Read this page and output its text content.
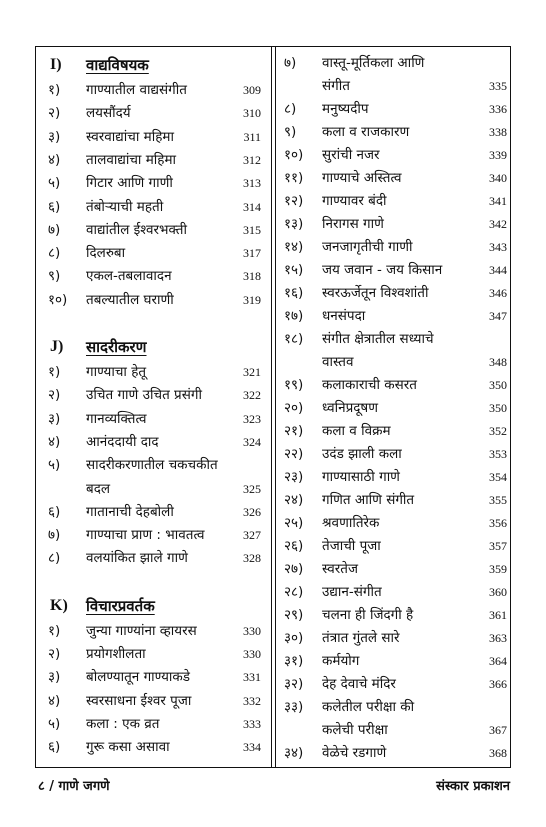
I) वाद्यविषयक
१) गाण्यातील वाद्यसंगीत	309
२) लयसौंदर्य	310
३) स्वरवाद्यांचा महिमा	311
४) तालवाद्यांचा महिमा	312
५) गिटार आणि गाणी	313
६) तंबोऱ्याची महती	314
७) वाद्यांतील ईश्वरभक्ती	315
८) दिलरुबा	317
९) एकल-तबलावादन	318
१०) तबल्यातील घराणी	319
J) सादरीकरण
१) गाण्याचा हेतू	321
२) उचित गाणे उचित प्रसंगी	322
३) गानव्यक्तित्व	323
४) आनंददायी दाद	324
५) सादरीकरणातील चकचकीत
बदल	325
६) गातानाची देहबोली	326
७) गाण्याचा प्राण : भावतत्व	327
८) वलयांकित झाले गाणे	328
K) विचारप्रवर्तक
१) जुन्या गाण्यांना व्हायरस	330
२) प्रयोगशीलता	330
३) बोलण्यातून गाण्याकडे	331
४) स्वरसाधना ईश्वर पूजा	332
५) कला : एक व्रत	333
६) गुरू कसा असावा	334
७) वास्तू-मूर्तिकला आणि
संगीत	335
८) मनुष्यदीप	336
९) कला व राजकारण	338
१०) सुरांची नजर	339
११) गाण्याचे अस्तित्व	340
१२) गाण्यावर बंदी	341
१३) निरागस गाणे	342
१४) जनजागृतीची गाणी	343
१५) जय जवान - जय किसान	344
१६) स्वरऊर्जेतून विश्वशांती	346
१७) धनसंपदा	347
१८) संगीत क्षेत्रातील सध्याचे
वास्तव	348
१९) कलाकाराची कसरत	350
२०) ध्वनिप्रदूषण	350
२१) कला व विक्रम	352
२२) उदंड झाली कला	353
२३) गाण्यासाठी गाणे	354
२४) गणित आणि संगीत	355
२५) श्रवणातिरेक	356
२६) तेजाची पूजा	357
२७) स्वरतेज	359
२८) उद्यान-संगीत	360
२९) चलना ही जिंदगी है	361
३०) तंत्रात गुंतले सारे	363
३१) कर्मयोग	364
३२) देह देवाचे मंदिर	366
३३) कलेतील परीक्षा की
कलेची परीक्षा	367
३४) वेळेचे रडगाणे	368
८ / गाणे जगणे	संस्कार प्रकाशन
